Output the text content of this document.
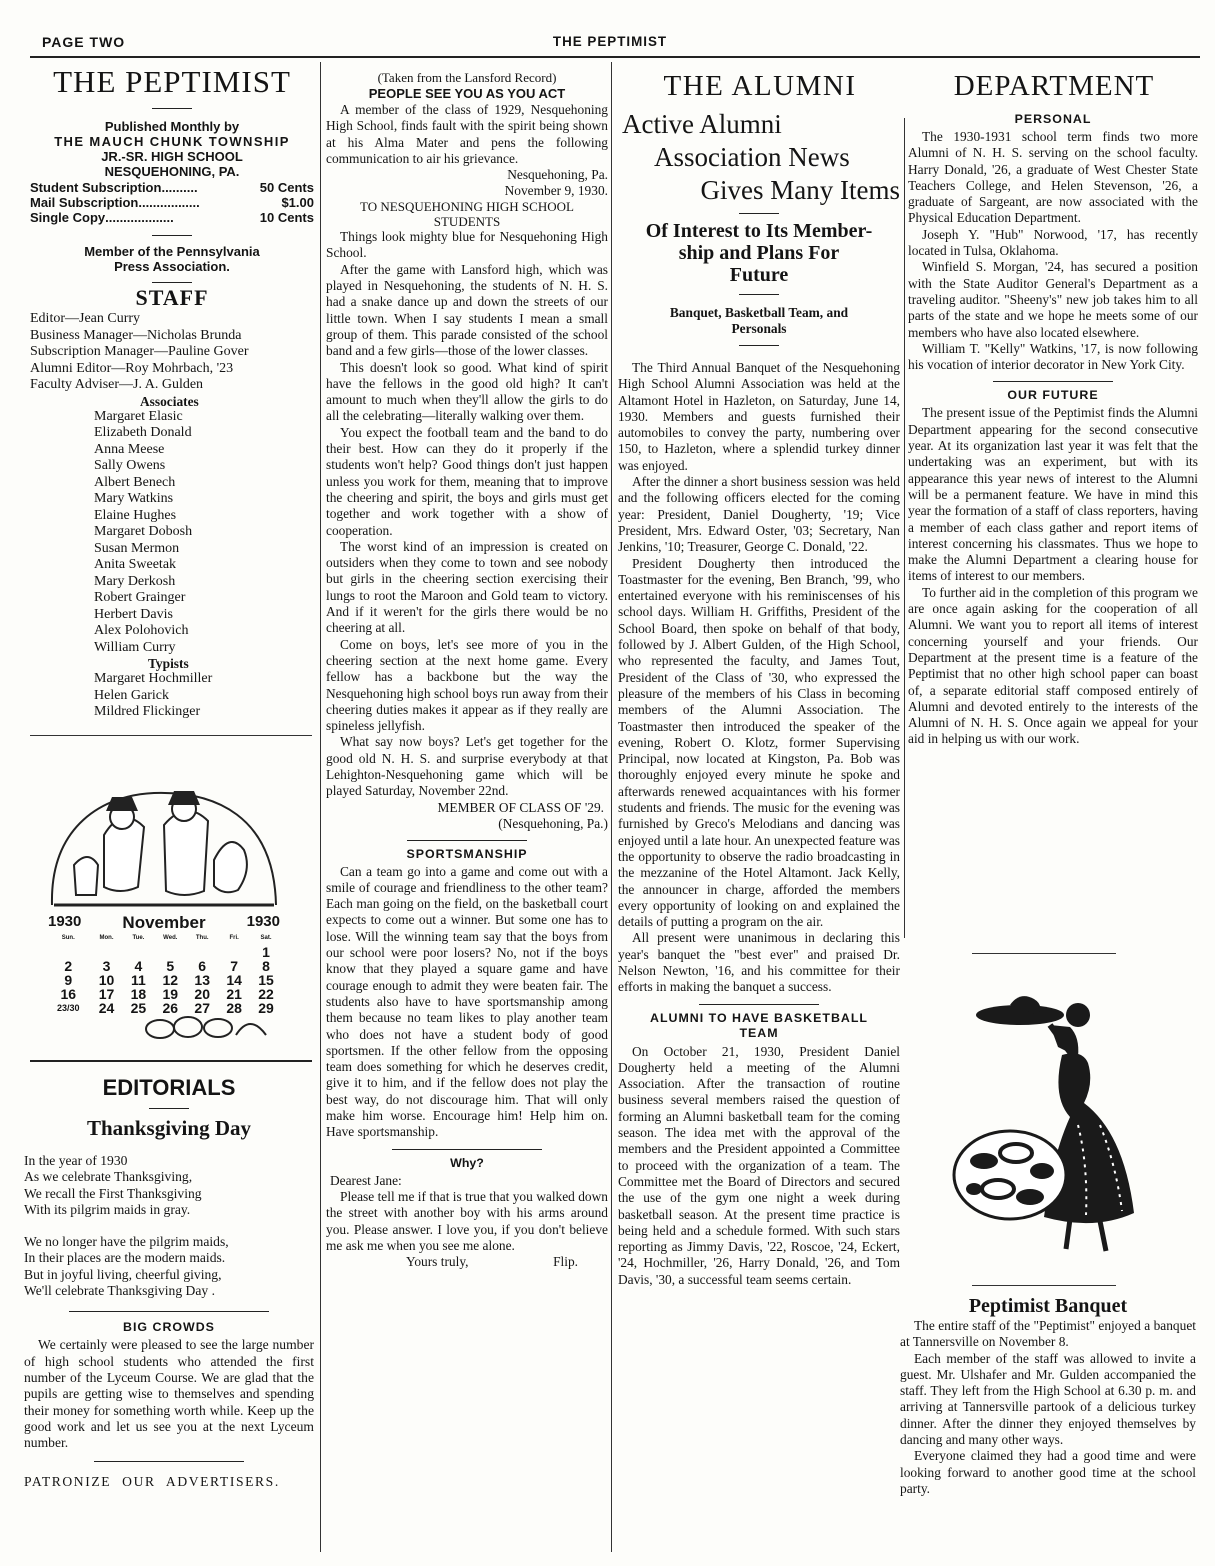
PAGE TWO	THE PEPTIMIST
THE PEPTIMIST
Published Monthly by
THE MAUCH CHUNK TOWNSHIP
JR.-SR. HIGH SCHOOL
NESQUEHONING, PA.
Student Subscription ..........	50 Cents
Mail Subscription .................	$1.00
Single Copy ...................	10 Cents
Member of the Pennsylvania Press Association.
STAFF
Editor—Jean Curry
Business Manager—Nicholas Brunda
Subscription Manager—Pauline Gover
Alumni Editor—Roy Mohrbach, '23
Faculty Adviser—J. A. Gulden
Associates
Margaret Elasic
Elizabeth Donald
Anna Meese
Sally Owens
Albert Benech
Mary Watkins
Elaine Hughes
Margaret Dobosh
Susan Mermon
Anita Sweetak
Mary Derkosh
Robert Grainger
Herbert Davis
Alex Polohovich
William Curry
Typists
Margaret Hochmiller
Helen Garick
Mildred Flickinger
1930 November	1930
Sun.	Mon.	Tue.	Wed.	Thu.	Fri.	Sat.
						1
2	3	4	5	6	7	8
9	10	11	12	13	14	15
16	17	18	19	20	21	22
23/30	24	25	26	27	28	29
EDITORIALS
Thanksgiving Day
In the year of 1930
As we celebrate Thanksgiving,
We recall the First Thanksgiving
With its pilgrim maids in gray.
We no longer have the pilgrim maids,
In their places are the modern maids.
But in joyful living, cheerful giving,
We'll celebrate Thanksgiving Day .
BIG CROWDS

We certainly were pleased to see the large number of high school students who attended the first number of the Lyceum Course. We are glad that the pupils are getting wise to themselves and spending their money for something worth while. Keep up the good work and let us see you at the next Lyceum number.

PATRONIZE OUR ADVERTISERS.
(Taken from the Lansford Record)
PEOPLE SEE YOU AS YOU ACT

A member of the class of 1929, Nesquehoning High School, finds fault with the spirit being shown at his Alma Mater and pens the following communication to air his grievance.

Nesquehoning, Pa.
November 9, 1930.
TO NESQUEHONING HIGH SCHOOL STUDENTS

Things look mighty blue for Nesquehoning High School.

After the game with Lansford high, which was played in Nesquehoning, the students of N. H. S. had a snake dance up and down the streets of our little town. When I say students I mean a small group of them. This parade consisted of the school band and a few girls—those of the lower classes.

This doesn't look so good. What kind of spirit have the fellows in the good old high? It can't amount to much when they'll allow the girls to do all the celebrating—literally walking over them.

You expect the football team and the band to do their best. How can they do it properly if the students won't help? Good things don't just happen unless you work for them, meaning that to improve the cheering and spirit, the boys and girls must get together and work together with a show of cooperation.

The worst kind of an impression is created on outsiders when they come to town and see nobody but girls in the cheering section exercising their lungs to root the Maroon and Gold team to victory. And if it weren't for the girls there would be no cheering at all.

Come on boys, let's see more of you in the cheering section at the next home game. Every fellow has a backbone but the way the Nesquehoning high school boys run away from their cheering duties makes it appear as if they really are spineless jellyfish.

What say now boys? Let's get together for the good old N. H. S. and surprise everybody at that Lehighton-Nesquehoning game which will be played Saturday, November 22nd.

MEMBER OF CLASS OF '29.
(Nesquehoning, Pa.)
SPORTSMANSHIP

Can a team go into a game and come out with a smile of courage and friendliness to the other team? Each man going on the field, on the basketball court expects to come out a winner. But some one has to lose. Will the winning team say that the boys from our school were poor losers? No, not if the boys know that they played a square game and have courage enough to admit they were beaten fair. The students also have to have sportsmanship among them because no team likes to play another team who does not have a student body of good sportsmen. If the other fellow from the opposing team does something for which he deserves credit, give it to him, and if the fellow does not play the best way, do not discourage him. That will only make him worse. Encourage him! Help him on. Have sportsmanship.

Why?
Dearest Jane:

Please tell me if that is true that you walked down the street with another boy with his arms around you. Please answer. I love you, if you don't believe me ask me when you see me alone.

Yours truly,	Flip.
THE ALUMNI	DEPARTMENT
Active Alumni
Association News
Gives Many Items
Of Interest to Its Member-
ship and Plans For
Future
Banquet, Basketball Team, and Personals

The Third Annual Banquet of the Nesquehoning High School Alumni Association was held at the Altamont Hotel in Hazleton, on Saturday, June 14, 1930. Members and guests furnished their automobiles to convey the party, numbering over 150, to Hazleton, where a splendid turkey dinner was enjoyed.

After the dinner a short business session was held and the following officers elected for the coming year: President, Daniel Dougherty, '19; Vice President, Mrs. Edward Oster, '03; Secretary, Nan Jenkins, '10; Treasurer, George C. Donald, '22.

President Dougherty then introduced the Toastmaster for the evening, Ben Branch, '99, who entertained everyone with his reminiscenses of his school days. William H. Griffiths, President of the School Board, then spoke on behalf of that body, followed by J. Albert Gulden, of the High School, who represented the faculty, and James Tout, President of the Class of '30, who expressed the pleasure of the members of his Class in becoming members of the Alumni Association. The Toastmaster then introduced the speaker of the evening, Robert O. Klotz, former Supervising Principal, now located at Kingston, Pa. Bob was thoroughly enjoyed every minute he spoke and afterwards renewed acquaintances with his former students and friends. The music for the evening was furnished by Greco's Melodians and dancing was enjoyed until a late hour. An unexpected feature was the opportunity to observe the radio broadcasting in the mezzanine of the Hotel Altamont. Jack Kelly, the announcer in charge, afforded the members every opportunity of looking on and explained the details of putting a program on the air.

All present were unanimous in declaring this year's banquet the "best ever" and praised Dr. Nelson Newton, '16, and his committee for their efforts in making the banquet a success.

ALUMNI TO HAVE BASKETBALL TEAM

On October 21, 1930, President Daniel Dougherty held a meeting of the Alumni Association. After the transaction of routine business several members raised the question of forming an Alumni basketball team for the coming season. The idea met with the approval of the members and the President appointed a Committee to proceed with the organization of a team. The Committee met the Board of Directors and secured the use of the gym one night a week during basketball season. At the present time practice is being held and a schedule formed. With such stars reporting as Jimmy Davis, '22, Roscoe, '24, Eckert, '24, Hochmiller, '26, Harry Donald, '26, and Tom Davis, '30, a successful team seems certain.

PERSONAL

The 1930-1931 school term finds two more Alumni of N. H. S. serving on the school faculty. Harry Donald, '26, a graduate of West Chester State Teachers College, and Helen Stevenson, '26, a graduate of Sargeant, are now associated with the Physical Education Department.

Joseph Y. "Hub" Norwood, '17, has recently located in Tulsa, Oklahoma.

Winfield S. Morgan, '24, has secured a position with the State Auditor General's Department as a traveling auditor. "Sheeny's" new job takes him to all parts of the state and we hope he meets some of our members who have also located elsewhere.

William T. "Kelly" Watkins, '17, is now following his vocation of interior decorator in New York City.

OUR FUTURE

The present issue of the Peptimist finds the Alumni Department appearing for the second consecutive year. At its organization last year it was felt that the undertaking was an experiment, but with its appearance this year news of interest to the Alumni will be a permanent feature. We have in mind this year the formation of a staff of class reporters, having a member of each class gather and report items of interest concerning his classmates. Thus we hope to make the Alumni Department a clearing house for items of interest to our members.

To further aid in the completion of this program we are once again asking for the cooperation of all Alumni. We want you to report all items of interest concerning yourself and your friends. Our Department at the present time is a feature of the Peptimist that no other high school paper can boast of, a separate editorial staff composed entirely of Alumni and devoted entirely to the interests of the Alumni of N. H. S. Once again we appeal for your aid in helping us with our work.

Peptimist Banquet

The entire staff of the "Peptimist" enjoyed a banquet at Tannersville on November 8.

Each member of the staff was allowed to invite a guest. Mr. Ulshafer and Mr. Gulden accompanied the staff. They left from the High School at 6.30 p. m. and arriving at Tannersville partook of a delicious turkey dinner. After the dinner they enjoyed themselves by dancing and many other ways.

Everyone claimed they had a good time and were looking forward to another good time at the school party.
